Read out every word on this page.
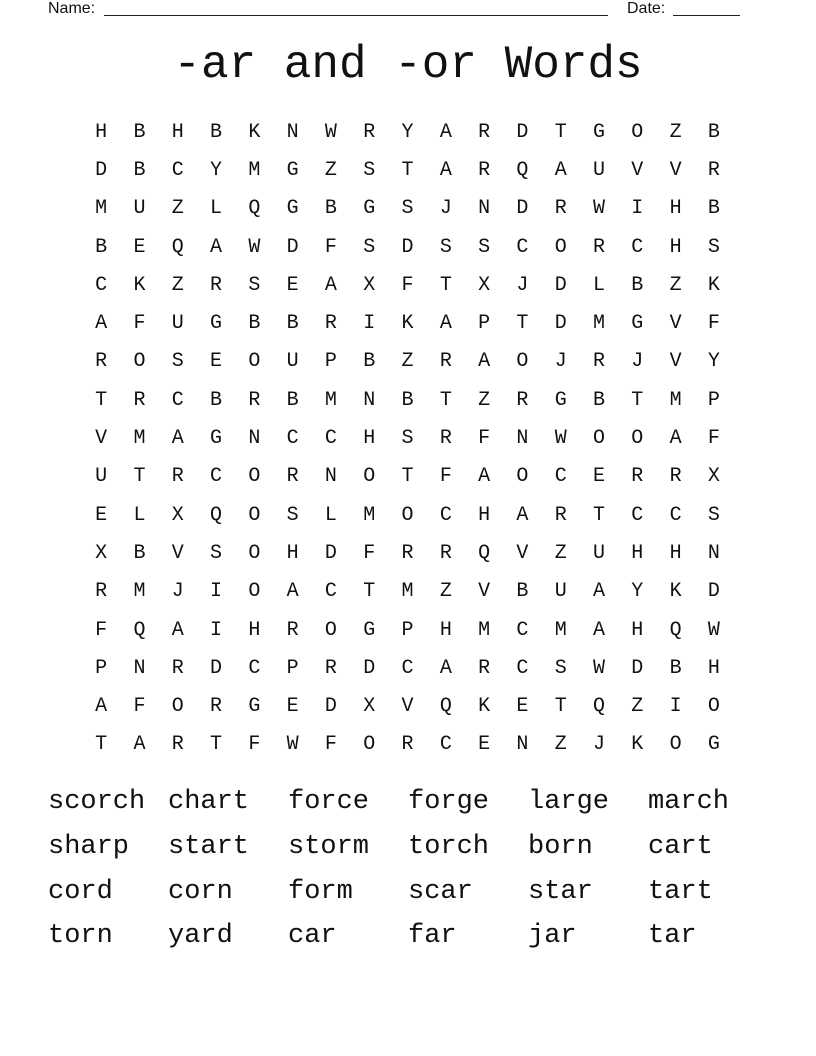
Name:	Date:
-ar and -or Words
H	B	H	B	K	N	W	R	Y	A	R	D	T	G	O	Z	B
D	B	C	Y	M	G	Z	S	T	A	R	Q	A	U	V	V	R
M	U	Z	L	Q	G	B	G	S	J	N	D	R	W	I	H	B
B	E	Q	A	W	D	F	S	D	S	S	C	O	R	C	H	S
C	K	Z	R	S	E	A	X	F	T	X	J	D	L	B	Z	K
A	F	U	G	B	B	R	I	K	A	P	T	D	M	G	V	F
R	O	S	E	O	U	P	B	Z	R	A	O	J	R	J	V	Y
T	R	C	B	R	B	M	N	B	T	Z	R	G	B	T	M	P
V	M	A	G	N	C	C	H	S	R	F	N	W	O	O	A	F
U	T	R	C	O	R	N	O	T	F	A	O	C	E	R	R	X
E	L	X	Q	O	S	L	M	O	C	H	A	R	T	C	C	S
X	B	V	S	O	H	D	F	R	R	Q	V	Z	U	H	H	N
R	M	J	I	O	A	C	T	M	Z	V	B	U	A	Y	K	D
F	Q	A	I	H	R	O	G	P	H	M	C	M	A	H	Q	W
P	N	R	D	C	P	R	D	C	A	R	C	S	W	D	B	H
A	F	O	R	G	E	D	X	V	Q	K	E	T	Q	Z	I	O
T	A	R	T	F	W	F	O	R	C	E	N	Z	J	K	O	G
scorch chart	force	forge	large	march
sharp	start	storm	torch	born	cart
cord	corn	form	scar	star	tart
torn	yard	car	far	jar	tar
